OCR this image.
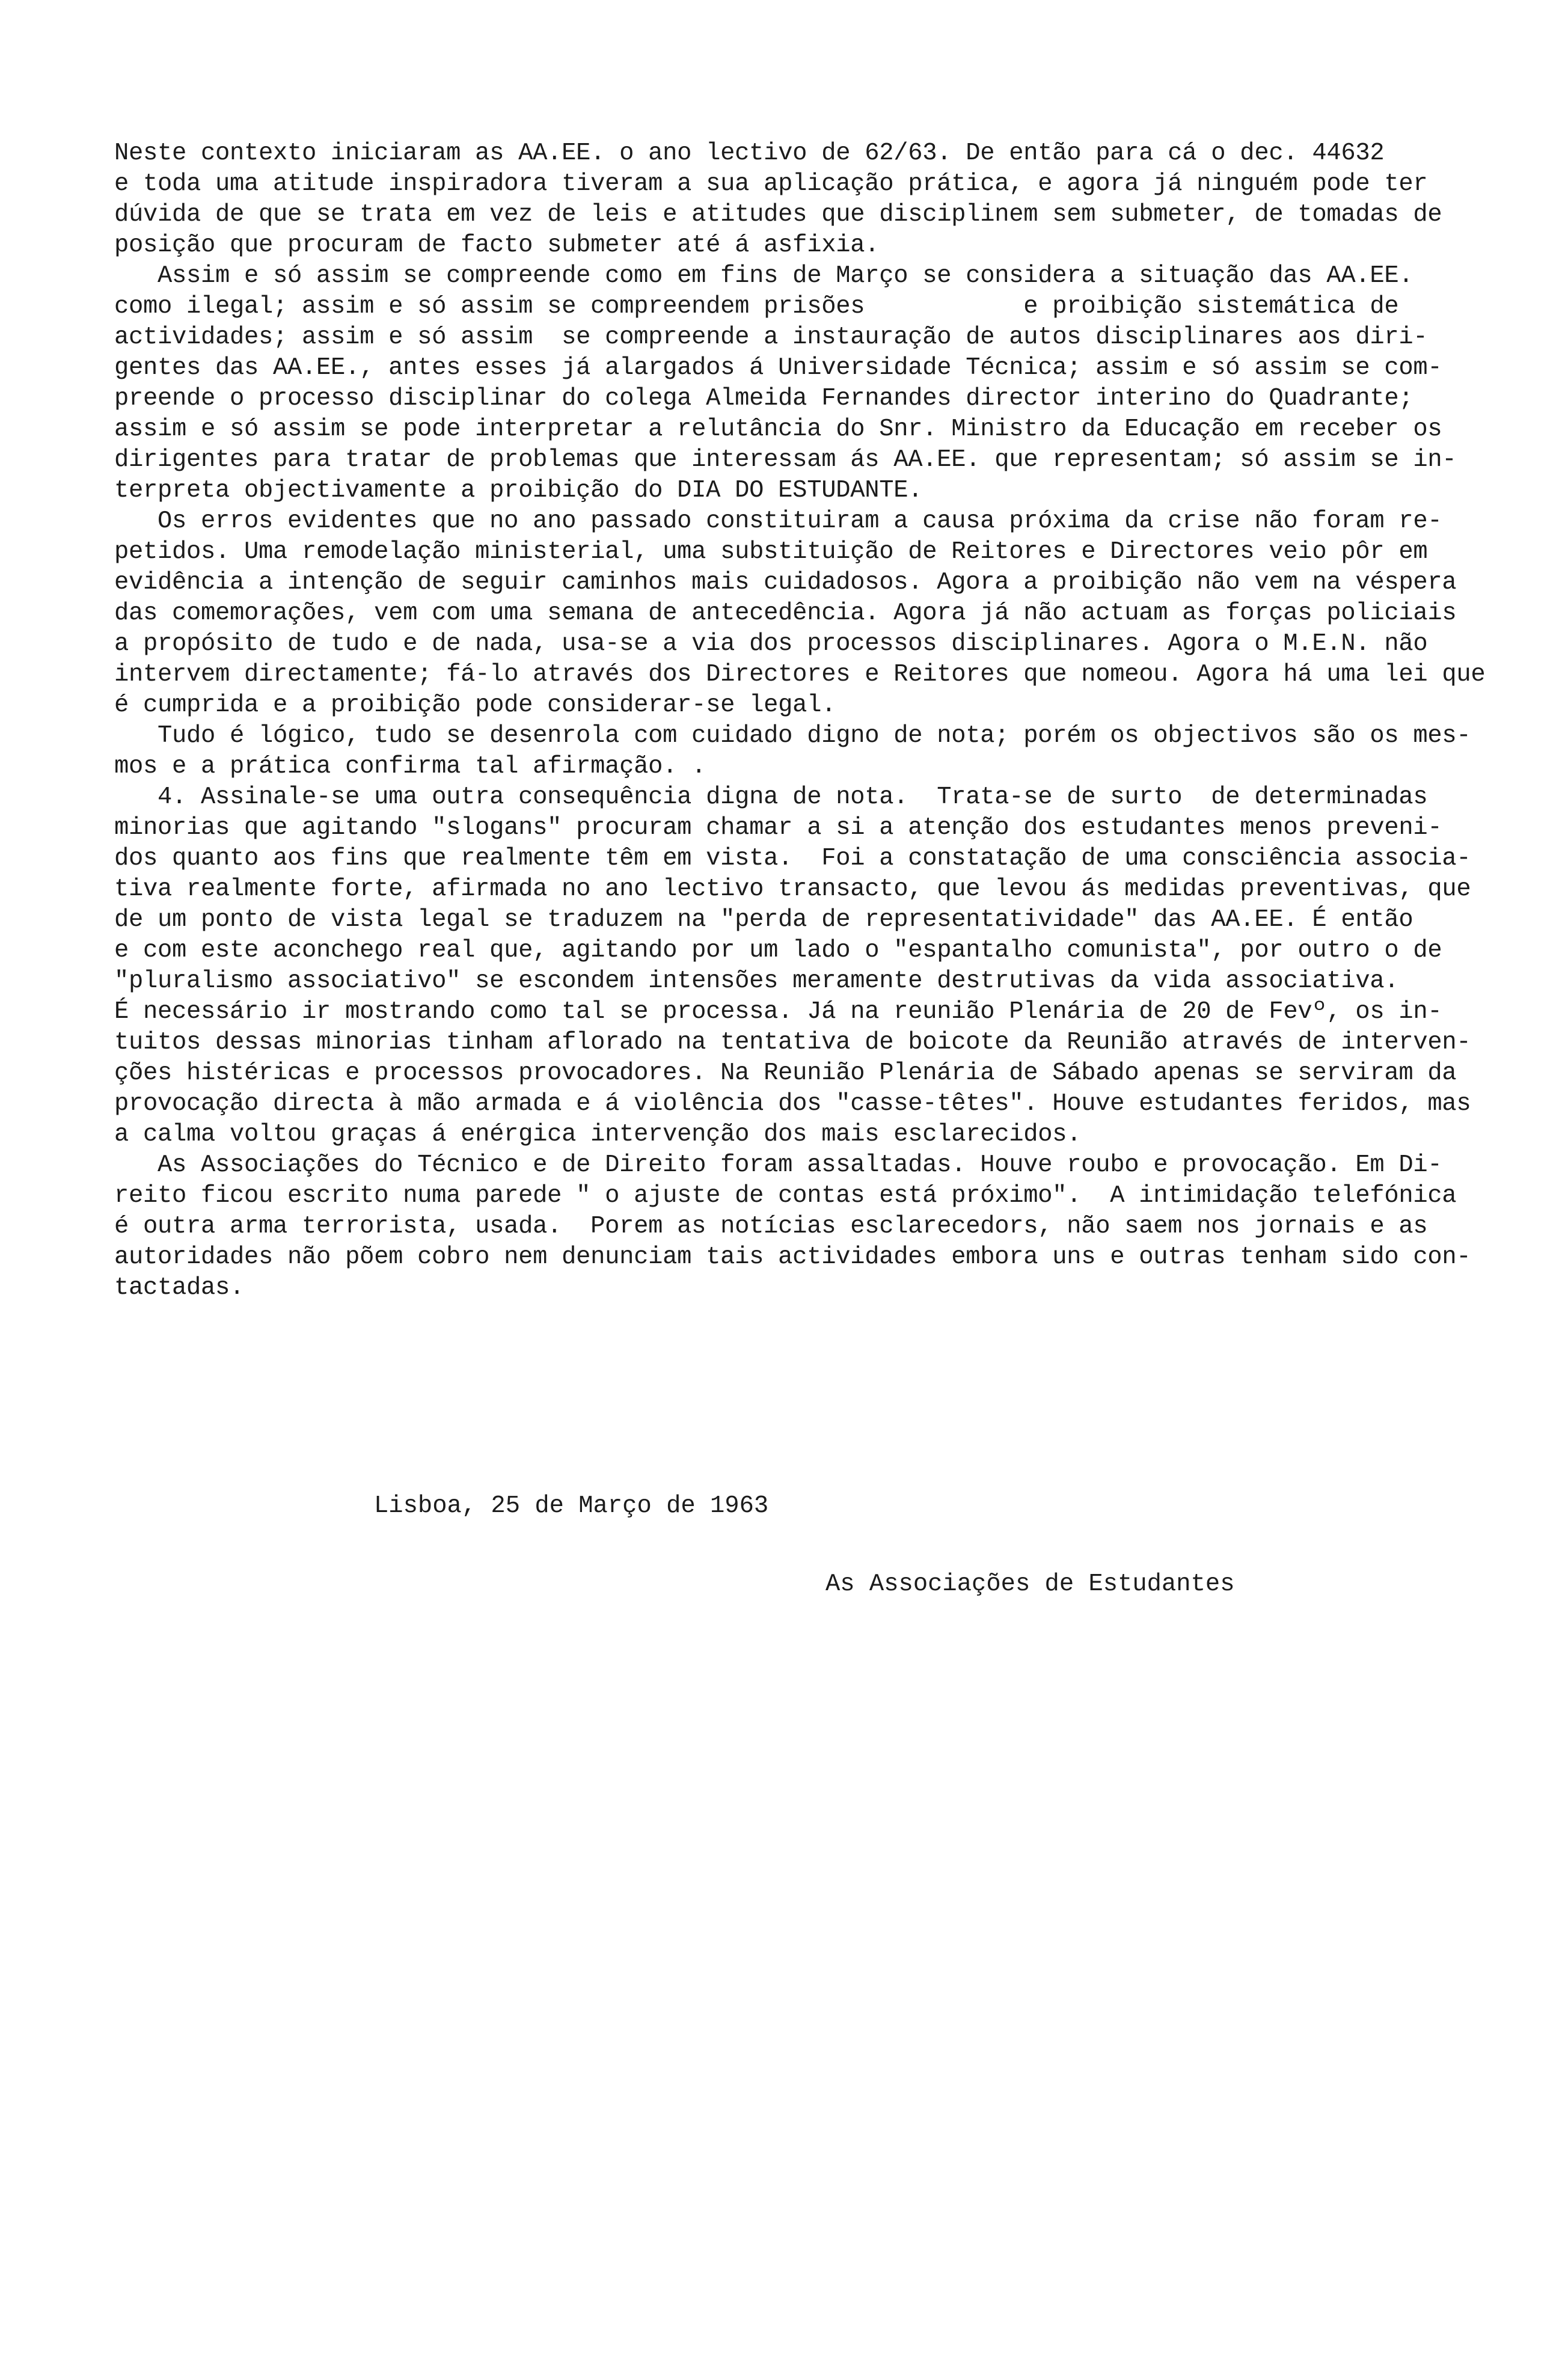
Neste contexto iniciaram as AA.EE. o ano lectivo de 62/63. De então para cá o dec. 44632
e toda uma atitude inspiradora tiveram a sua aplicação prática, e agora já ninguém pode ter
dúvida de que se trata em vez de leis e atitudes que disciplinem sem submeter, de tomadas de
posição que procuram de facto submeter até á asfixia.
Assim e só assim se compreende como em fins de Março se considera a situação das AA.EE.
como ilegal; assim e só assim se compreendem prisões           e proibição sistemática de
actividades; assim e só assim  se compreende a instauração de autos disciplinares aos diri-
gentes das AA.EE., antes esses já alargados á Universidade Técnica; assim e só assim se com-
preende o processo disciplinar do colega Almeida Fernandes director interino do Quadrante;
assim e só assim se pode interpretar a relutância do Snr. Ministro da Educação em receber os
dirigentes para tratar de problemas que interessam ás AA.EE. que representam; só assim se in-
terpreta objectivamente a proibição do DIA DO ESTUDANTE.
Os erros evidentes que no ano passado constituiram a causa próxima da crise não foram re-
petidos. Uma remodelação ministerial, uma substituição de Reitores e Directores veio pôr em
evidência a intenção de seguir caminhos mais cuidadosos. Agora a proibição não vem na véspera
das comemorações, vem com uma semana de antecedência. Agora já não actuam as forças policiais
a propósito de tudo e de nada, usa-se a via dos processos disciplinares. Agora o M.E.N. não
intervem directamente; fá-lo através dos Directores e Reitores que nomeou. Agora há uma lei que
é cumprida e a proibição pode considerar-se legal.
Tudo é lógico, tudo se desenrola com cuidado digno de nota; porém os objectivos são os mes-
mos e a prática confirma tal afirmação. .
4. Assinale-se uma outra consequência digna de nota.  Trata-se de surto  de determinadas
minorias que agitando "slogans" procuram chamar a si a atenção dos estudantes menos preveni-
dos quanto aos fins que realmente têm em vista.  Foi a constatação de uma consciência associa-
tiva realmente forte, afirmada no ano lectivo transacto, que levou ás medidas preventivas, que
de um ponto de vista legal se traduzem na "perda de representatividade" das AA.EE. É então
e com este aconchego real que, agitando por um lado o "espantalho comunista", por outro o de
"pluralismo associativo" se escondem intensões meramente destrutivas da vida associativa.
É necessário ir mostrando como tal se processa. Já na reunião Plenária de 20 de Fevº, os in-
tuitos dessas minorias tinham aflorado na tentativa de boicote da Reunião através de interven-
ções histéricas e processos provocadores. Na Reunião Plenária de Sábado apenas se serviram da
provocação directa à mão armada e á violência dos "casse-têtes". Houve estudantes feridos, mas
a calma voltou graças á enérgica intervenção dos mais esclarecidos.
As Associações do Técnico e de Direito foram assaltadas. Houve roubo e provocação. Em Di-
reito ficou escrito numa parede " o ajuste de contas está próximo".  A intimidação telefónica
é outra arma terrorista, usada.  Porem as notícias esclarecedors, não saem nos jornais e as
autoridades não põem cobro nem denunciam tais actividades embora uns e outras tenham sido con-
tactadas.
Lisboa, 25 de Março de 1963
As Associações de Estudantes
